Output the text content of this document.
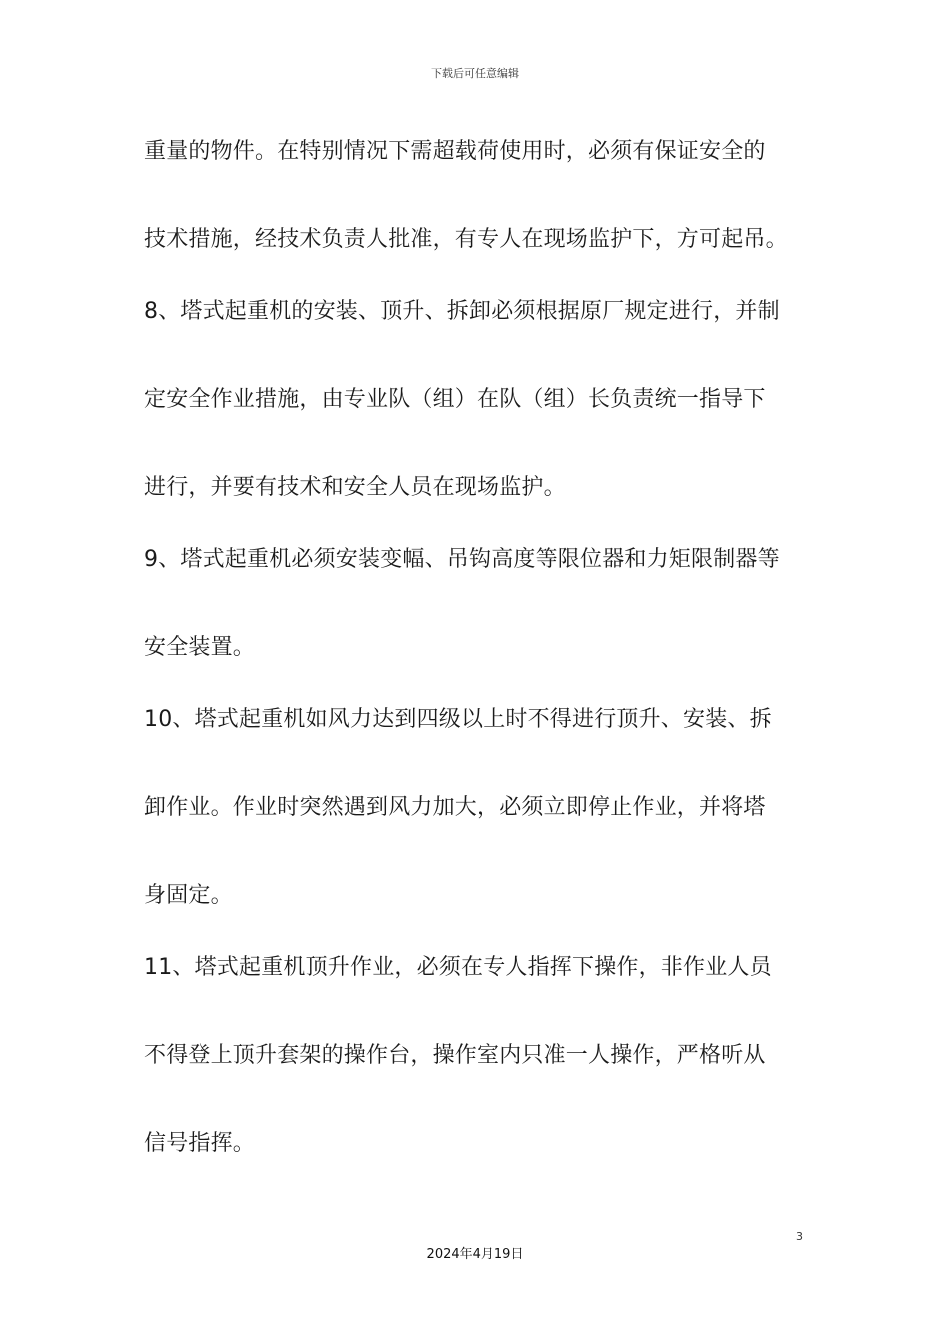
下载后可任意编辑

重量的物件。在特别情况下需超载荷使用时，必须有保证安全的

技术措施，经技术负责人批准，有专人在现场监护下，方可起吊。

8、塔式起重机的安装、顶升、拆卸必须根据原厂规定进行，并制

定安全作业措施，由专业队（组）在队（组）长负责统一指导下

进行，并要有技术和安全人员在现场监护。

9、塔式起重机必须安装变幅、吊钩高度等限位器和力矩限制器等

安全装置。

10、塔式起重机如风力达到四级以上时不得进行顶升、安装、拆

卸作业。作业时突然遇到风力加大，必须立即停止作业，并将塔

身固定。

11、塔式起重机顶升作业，必须在专人指挥下操作，非作业人员

不得登上顶升套架的操作台，操作室内只准一人操作，严格听从

信号指挥。

3
2024年4月19日
